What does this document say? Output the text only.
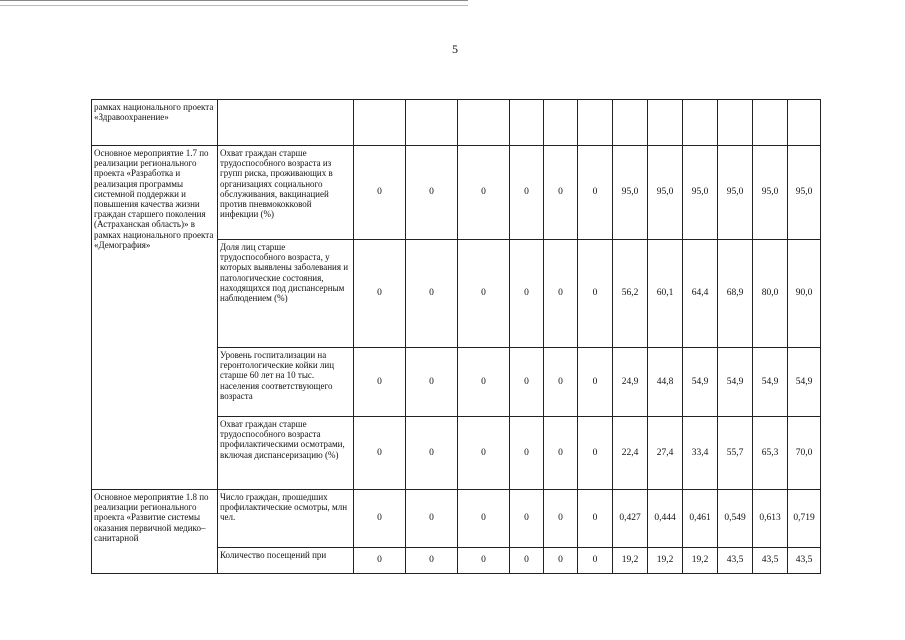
5
рамках национального проекта «Здравоохранение»													
Основное мероприятие 1.7 по реализации регионального проекта «Разработка и реализация программы системной поддержки и повышения качества жизни граждан старшего поколения (Астраханская область)» в рамках национального проекта «Демография»	Охват граждан старше трудоспособного возраста из групп риска, проживающих в организациях социального обслуживания, вакцинацией против пневмококковой инфекции (%)	0	0	0	0	0	0	95,0	95,0	95,0	95,0	95,0	95,0
	Доля лиц старше трудоспособного возраста, у которых выявлены заболевания и патологические состояния, находящихся под диспансерным наблюдением (%)	0	0	0	0	0	0	56,2	60,1	64,4	68,9	80,0	90,0
	Уровень госпитализации на геронтологические койки лиц старше 60 лет на 10 тыс. населения соответствующего возраста	0	0	0	0	0	0	24,9	44,8	54,9	54,9	54,9	54,9
	Охват граждан старше трудоспособного возраста профилактическими осмотрами, включая диспансеризацию (%)	0	0	0	0	0	0	22,4	27,4	33,4	55,7	65,3	70,0
Основное мероприятие 1.8 по реализации регионального проекта «Развитие системы оказания первичной медико–санитарной	Число граждан, прошедших профилактические осмотры, млн чел.	0	0	0	0	0	0	0,427	0,444	0,461	0,549	0,613	0,719
	Количество посещений при	0	0	0	0	0	0	19,2	19,2	19,2	43,5	43,5	43,5
